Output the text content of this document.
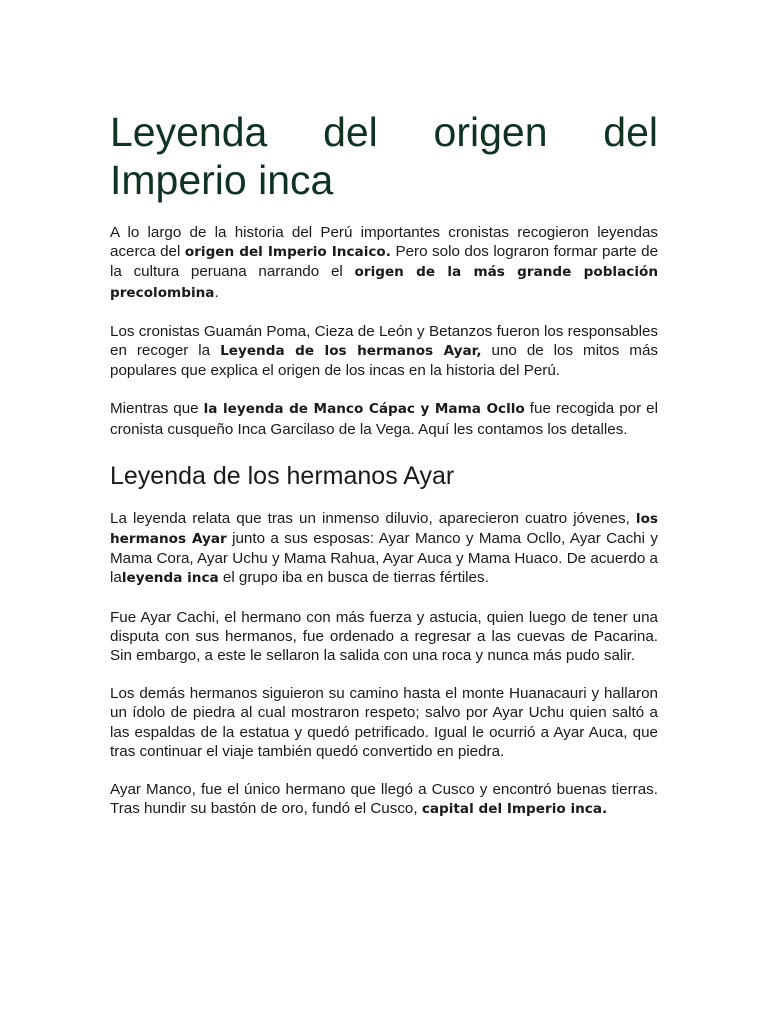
Leyenda del origen del
Imperio inca

A lo largo de la historia del Perú importantes cronistas recogieron leyendas acerca del origen del Imperio Incaico. Pero solo dos lograron formar parte de la cultura peruana narrando el origen de la más grande población precolombina.

Los cronistas Guamán Poma, Cieza de León y Betanzos fueron los responsables en recoger la Leyenda de los hermanos Ayar, uno de los mitos más populares que explica el origen de los incas en la historia del Perú.

Mientras que la leyenda de Manco Cápac y Mama Ocllo fue recogida por el cronista cusqueño Inca Garcilaso de la Vega. Aquí les contamos los detalles.

Leyenda de los hermanos Ayar

La leyenda relata que tras un inmenso diluvio, aparecieron cuatro jóvenes, los hermanos Ayar junto a sus esposas: Ayar Manco y Mama Ocllo, Ayar Cachi y Mama Cora, Ayar Uchu y Mama Rahua, Ayar Auca y Mama Huaco. De acuerdo a laleyenda inca el grupo iba en busca de tierras fértiles.

Fue Ayar Cachi, el hermano con más fuerza y astucia, quien luego de tener una disputa con sus hermanos, fue ordenado a regresar a las cuevas de Pacarina. Sin embargo, a este le sellaron la salida con una roca y nunca más pudo salir.

Los demás hermanos siguieron su camino hasta el monte Huanacauri y hallaron un ídolo de piedra al cual mostraron respeto; salvo por Ayar Uchu quien saltó a las espaldas de la estatua y quedó petrificado. Igual le ocurrió a Ayar Auca, que tras continuar el viaje también quedó convertido en piedra.

Ayar Manco, fue el único hermano que llegó a Cusco y encontró buenas tierras. Tras hundir su bastón de oro, fundó el Cusco, capital del Imperio inca.
